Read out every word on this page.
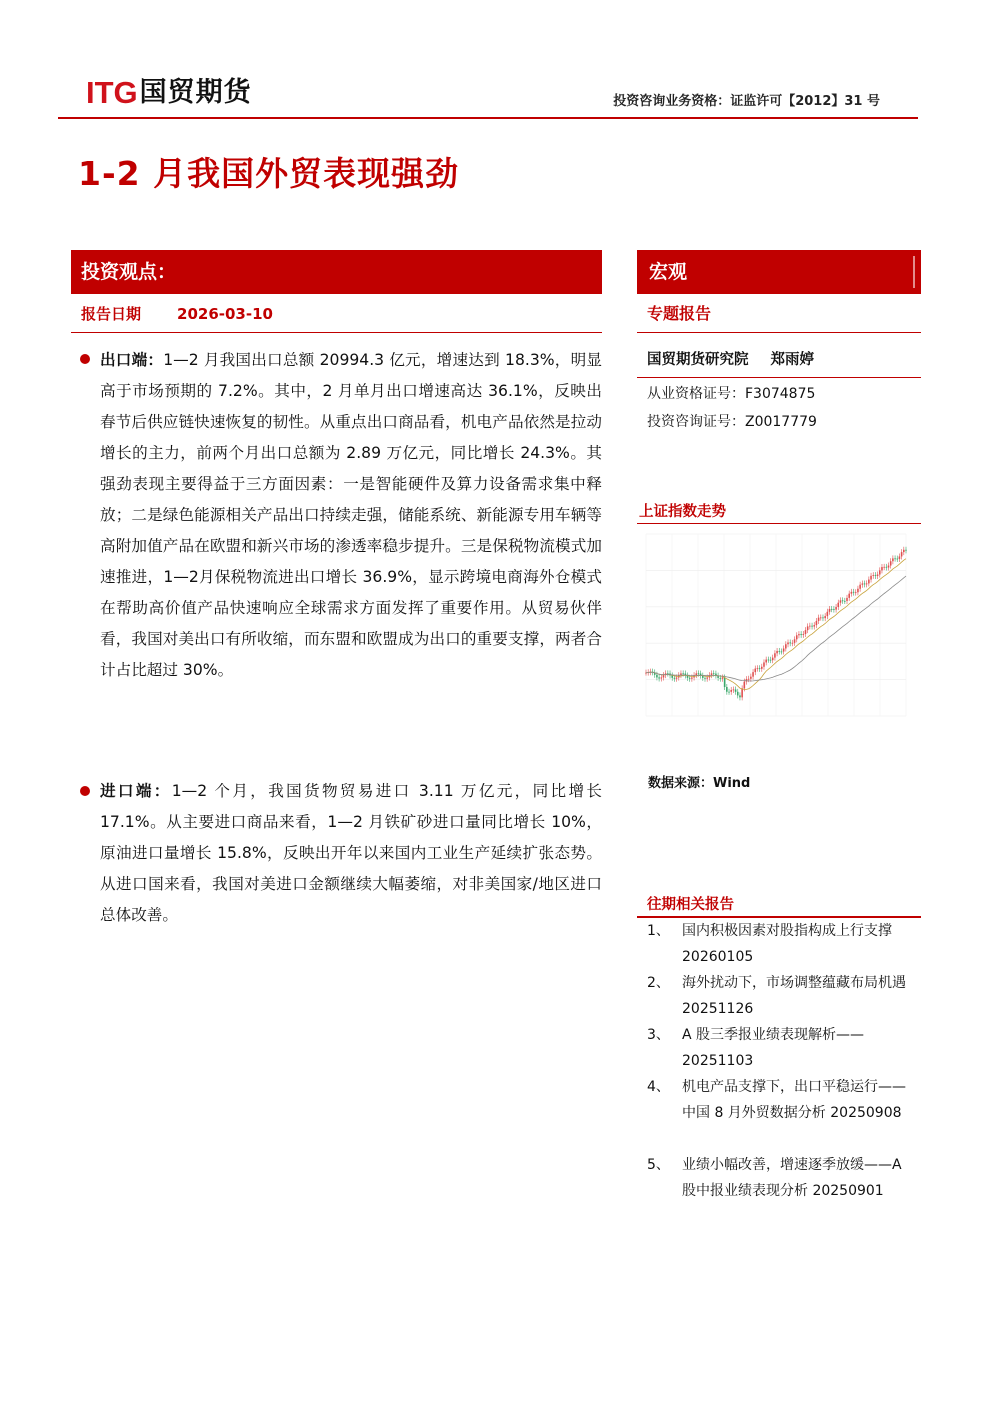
ITG 国贸期货	投资咨询业务资格：证监许可【2012】31 号
1-2 月我国外贸表现强劲
投资观点：
报告日期 2026-03-10
出口端：1—2 月我国出口总额 20994.3 亿元，增速达到 18.3%，明显高于市场预期的 7.2%。其中，2 月单月出口增速高达 36.1%，反映出春节后供应链快速恢复的韧性。从重点出口商品看，机电产品依然是拉动增长的主力，前两个月出口总额为 2.89 万亿元，同比增长 24.3%。其强劲表现主要得益于三方面因素：一是智能硬件及算力设备需求集中释放；二是绿色能源相关产品出口持续走强，储能系统、新能源专用车辆等高附加值产品在欧盟和新兴市场的渗透率稳步提升。三是保税物流模式加速推进，1—2月保税物流进出口增长 36.9%，显示跨境电商海外仓模式在帮助高价值产品快速响应全球需求方面发挥了重要作用。从贸易伙伴看，我国对美出口有所收缩，而东盟和欧盟成为出口的重要支撑，两者合计占比超过 30%。
进口端：1—2 个月，我国货物贸易进口 3.11 万亿元，同比增长17.1%。从主要进口商品来看，1—2 月铁矿砂进口量同比增长 10%，原油进口量增长 15.8%，反映出开年以来国内工业生产延续扩张态势。从进口国来看，我国对美进口金额继续大幅萎缩，对非美国家/地区进口总体改善。
宏观
专题报告
国贸期货研究院 郑雨婷
从业资格证号：F3074875
投资咨询证号：Z0017779
上证指数走势
数据来源：Wind
往期相关报告
1、 国内积极因素对股指构成上行支撑 20260105
2、 海外扰动下，市场调整蕴藏布局机遇 20251126
3、 A 股三季报业绩表现解析——20251103
4、 机电产品支撑下，出口平稳运行——中国 8 月外贸数据分析 20250908
5、 业绩小幅改善，增速逐季放缓——A 股中报业绩表现分析 20250901
